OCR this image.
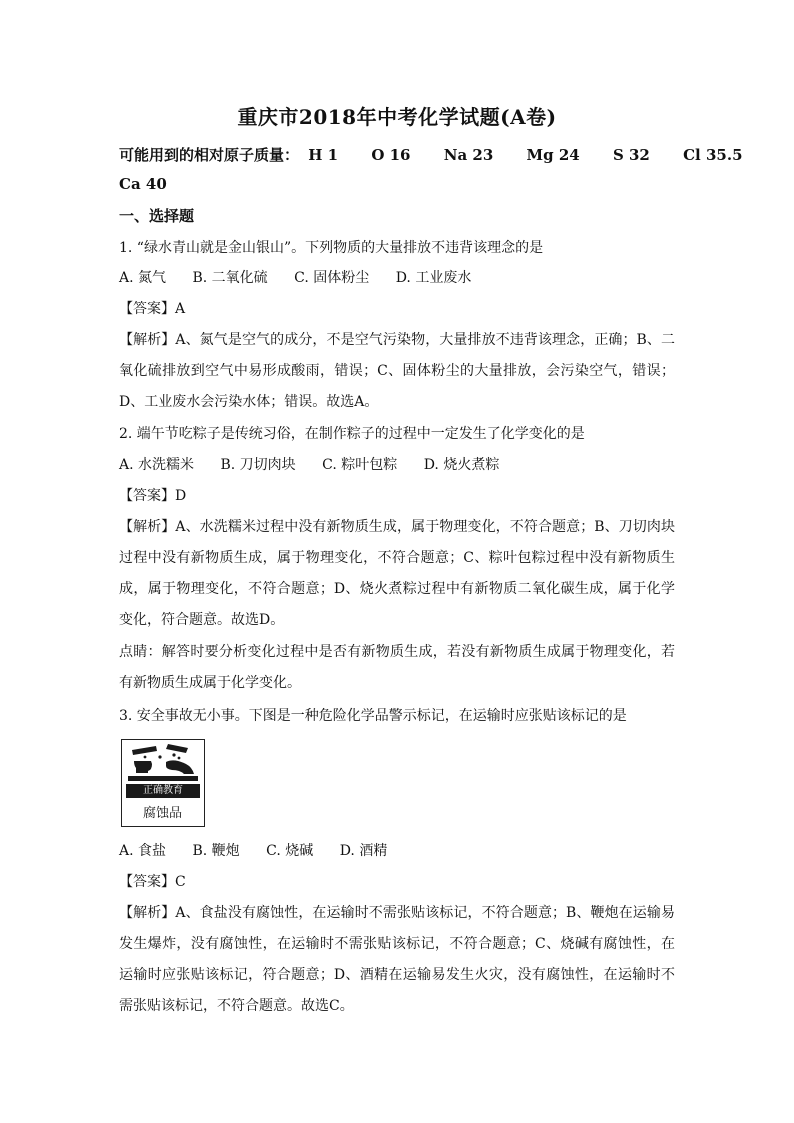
重庆市2018年中考化学试题(A卷)
可能用到的相对原子质量： H 1 O 16 Na 23 Mg 24 S 32 Cl 35.5
Ca 40
一、选择题
1. “绿水青山就是金山银山”。下列物质的大量排放不违背该理念的是
A. 氮气 B. 二氧化硫 C. 固体粉尘 D. 工业废水
【答案】A
【解析】A、氮气是空气的成分，不是空气污染物，大量排放不违背该理念，正确；B、二氧化硫排放到空气中易形成酸雨，错误；C、固体粉尘的大量排放，会污染空气，错误；D、工业废水会污染水体；错误。故选A。
2. 端午节吃粽子是传统习俗，在制作粽子的过程中一定发生了化学变化的是
A. 水洗糯米 B. 刀切肉块 C. 粽叶包粽 D. 烧火煮粽
【答案】D
【解析】A、水洗糯米过程中没有新物质生成，属于物理变化，不符合题意；B、刀切肉块过程中没有新物质生成，属于物理变化，不符合题意；C、粽叶包粽过程中没有新物质生成，属于物理变化，不符合题意；D、烧火煮粽过程中有新物质二氧化碳生成，属于化学变化，符合题意。故选D。
点睛：解答时要分析变化过程中是否有新物质生成，若没有新物质生成属于物理变化，若有新物质生成属于化学变化。
3. 安全事故无小事。下图是一种危险化学品警示标记，在运输时应张贴该标记的是
正确教育
腐蚀品
A. 食盐 B. 鞭炮 C. 烧碱 D. 酒精
【答案】C
【解析】A、食盐没有腐蚀性，在运输时不需张贴该标记，不符合题意；B、鞭炮在运输易发生爆炸，没有腐蚀性，在运输时不需张贴该标记，不符合题意；C、烧碱有腐蚀性，在运输时应张贴该标记，符合题意；D、酒精在运输易发生火灾，没有腐蚀性，在运输时不需张贴该标记，不符合题意。故选C。
